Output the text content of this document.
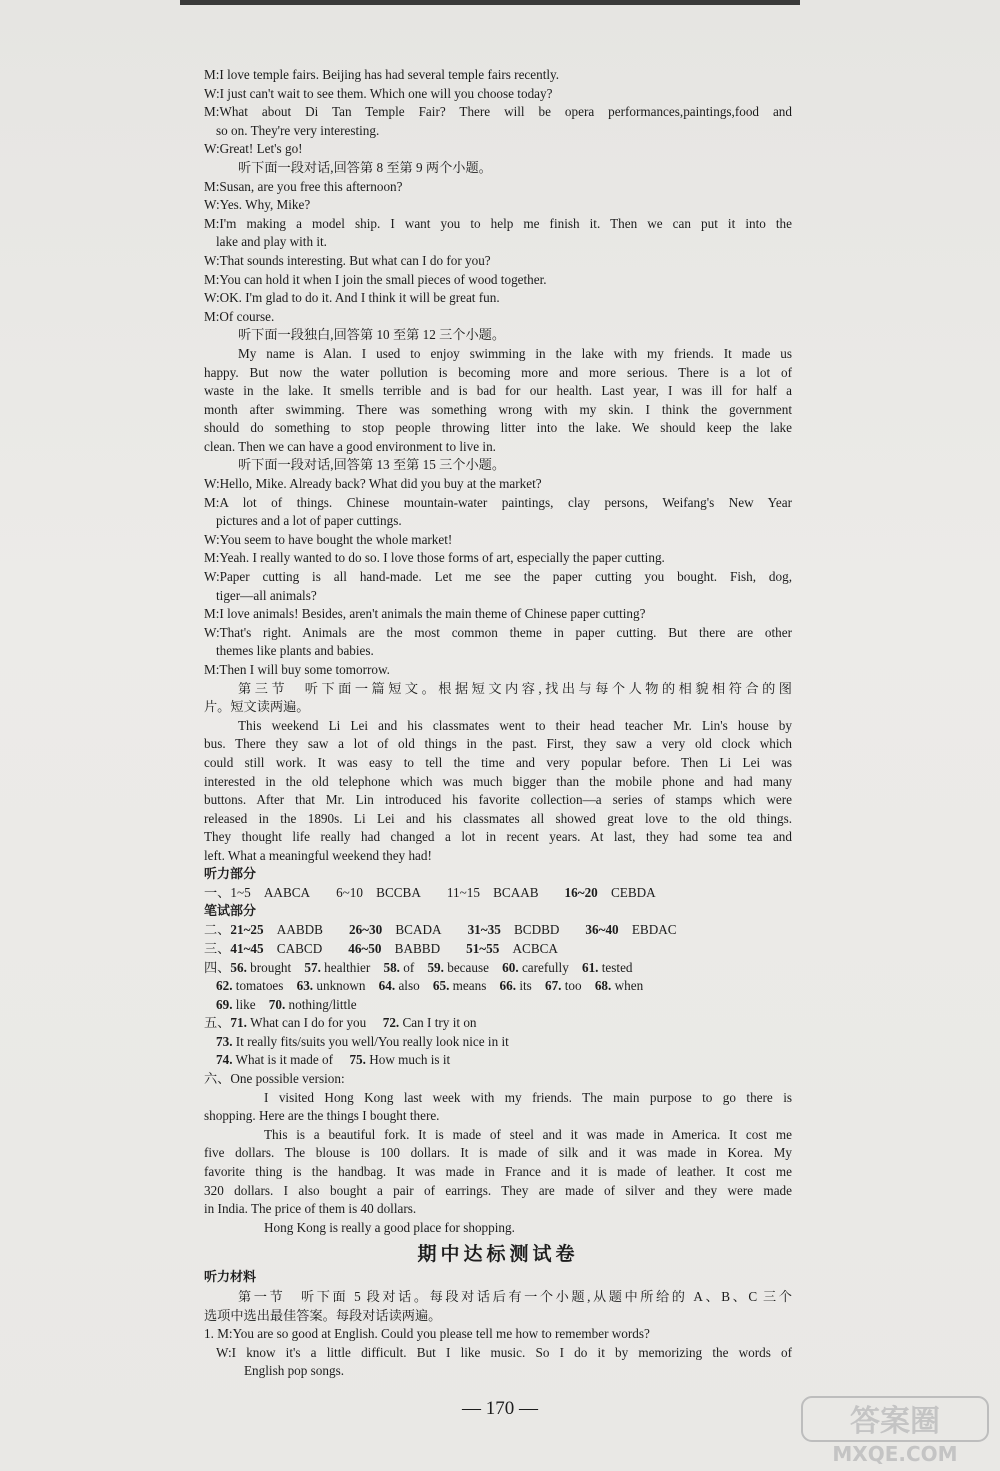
M:I love temple fairs. Beijing has had several temple fairs recently.
W:I just can't wait to see them. Which one will you choose today?
M:What about Di Tan Temple Fair? There will be opera performances,paintings,food and
so on. They're very interesting.
W:Great! Let's go!
听下面一段对话,回答第 8 至第 9 两个小题。
M:Susan, are you free this afternoon?
W:Yes. Why, Mike?
M:I'm making a model ship. I want you to help me finish it. Then we can put it into the
lake and play with it.
W:That sounds interesting. But what can I do for you?
M:You can hold it when I join the small pieces of wood together.
W:OK. I'm glad to do it. And I think it will be great fun.
M:Of course.
听下面一段独白,回答第 10 至第 12 三个小题。
My name is Alan. I used to enjoy swimming in the lake with my friends. It made us
happy. But now the water pollution is becoming more and more serious. There is a lot of
waste in the lake. It smells terrible and is bad for our health. Last year, I was ill for half a
month after swimming. There was something wrong with my skin. I think the government
should do something to stop people throwing litter into the lake. We should keep the lake
clean. Then we can have a good environment to live in.
听下面一段对话,回答第 13 至第 15 三个小题。
W:Hello, Mike. Already back? What did you buy at the market?
M:A lot of things. Chinese mountain-water paintings, clay persons, Weifang's New Year
pictures and a lot of paper cuttings.
W:You seem to have bought the whole market!
M:Yeah. I really wanted to do so. I love those forms of art, especially the paper cutting.
W:Paper cutting is all hand-made. Let me see the paper cutting you bought. Fish, dog,
tiger—all animals?
M:I love animals! Besides, aren't animals the main theme of Chinese paper cutting?
W:That's right. Animals are the most common theme in paper cutting. But there are other
themes like plants and babies.
M:Then I will buy some tomorrow.
第三节　听下面一篇短文。根据短文内容,找出与每个人物的相貌相符合的图
片。短文读两遍。
This weekend Li Lei and his classmates went to their head teacher Mr. Lin's house by
bus. There they saw a lot of old things in the past. First, they saw a very old clock which
could still work. It was easy to tell the time and very popular before. Then Li Lei was
interested in the old telephone which was much bigger than the mobile phone and had many
buttons. After that Mr. Lin introduced his favorite collection—a series of stamps which were
released in the 1890s. Li Lei and his classmates all showed great love to the old things.
They thought life really had changed a lot in recent years. At last, they had some tea and
left. What a meaningful weekend they had!
听力部分
一、1~5　 AABCA 6~10　 BCCBA 11~15　 BCAAB 16~20　 CEBDA
笔试部分
二、21~25　 AABDB 26~30　 BCADA 31~35　 BCDBD 36~40　 EBDAC
三、41~45　 CABCD 46~50　 BABBD 51~55　 ACBCA
四、56. brought　 57. healthier　 58. of　 59. because　 60. carefully　 61. tested
62. tomatoes　 63. unknown　 64. also　 65. means　 66. its　 67. too　 68. when
69. like　 70. nothing/little
五、71. What can I do for you　 72. Can I try it on
73. It really fits/suits you well/You really look nice in it
74. What is it made of　 75. How much is it
六、One possible version:
I visited Hong Kong last week with my friends. The main purpose to go there is
shopping. Here are the things I bought there.
This is a beautiful fork. It is made of steel and it was made in America. It cost me
five dollars. The blouse is 100 dollars. It is made of silk and it was made in Korea. My
favorite thing is the handbag. It was made in France and it is made of leather. It cost me
320 dollars. I also bought a pair of earrings. They are made of silver and they were made
in India. The price of them is 40 dollars.
Hong Kong is really a good place for shopping.
期中达标测试卷
听力材料
第一节　听下面 5 段对话。每段对话后有一个小题,从题中所给的 A、B、C 三个
选项中选出最佳答案。每段对话读两遍。
1. M:You are so good at English. Could you please tell me how to remember words?
W:I know it's a little difficult. But I like music. So I do it by memorizing the words of
English pop songs.
— 170 —	答案圈
MXQE.COM
